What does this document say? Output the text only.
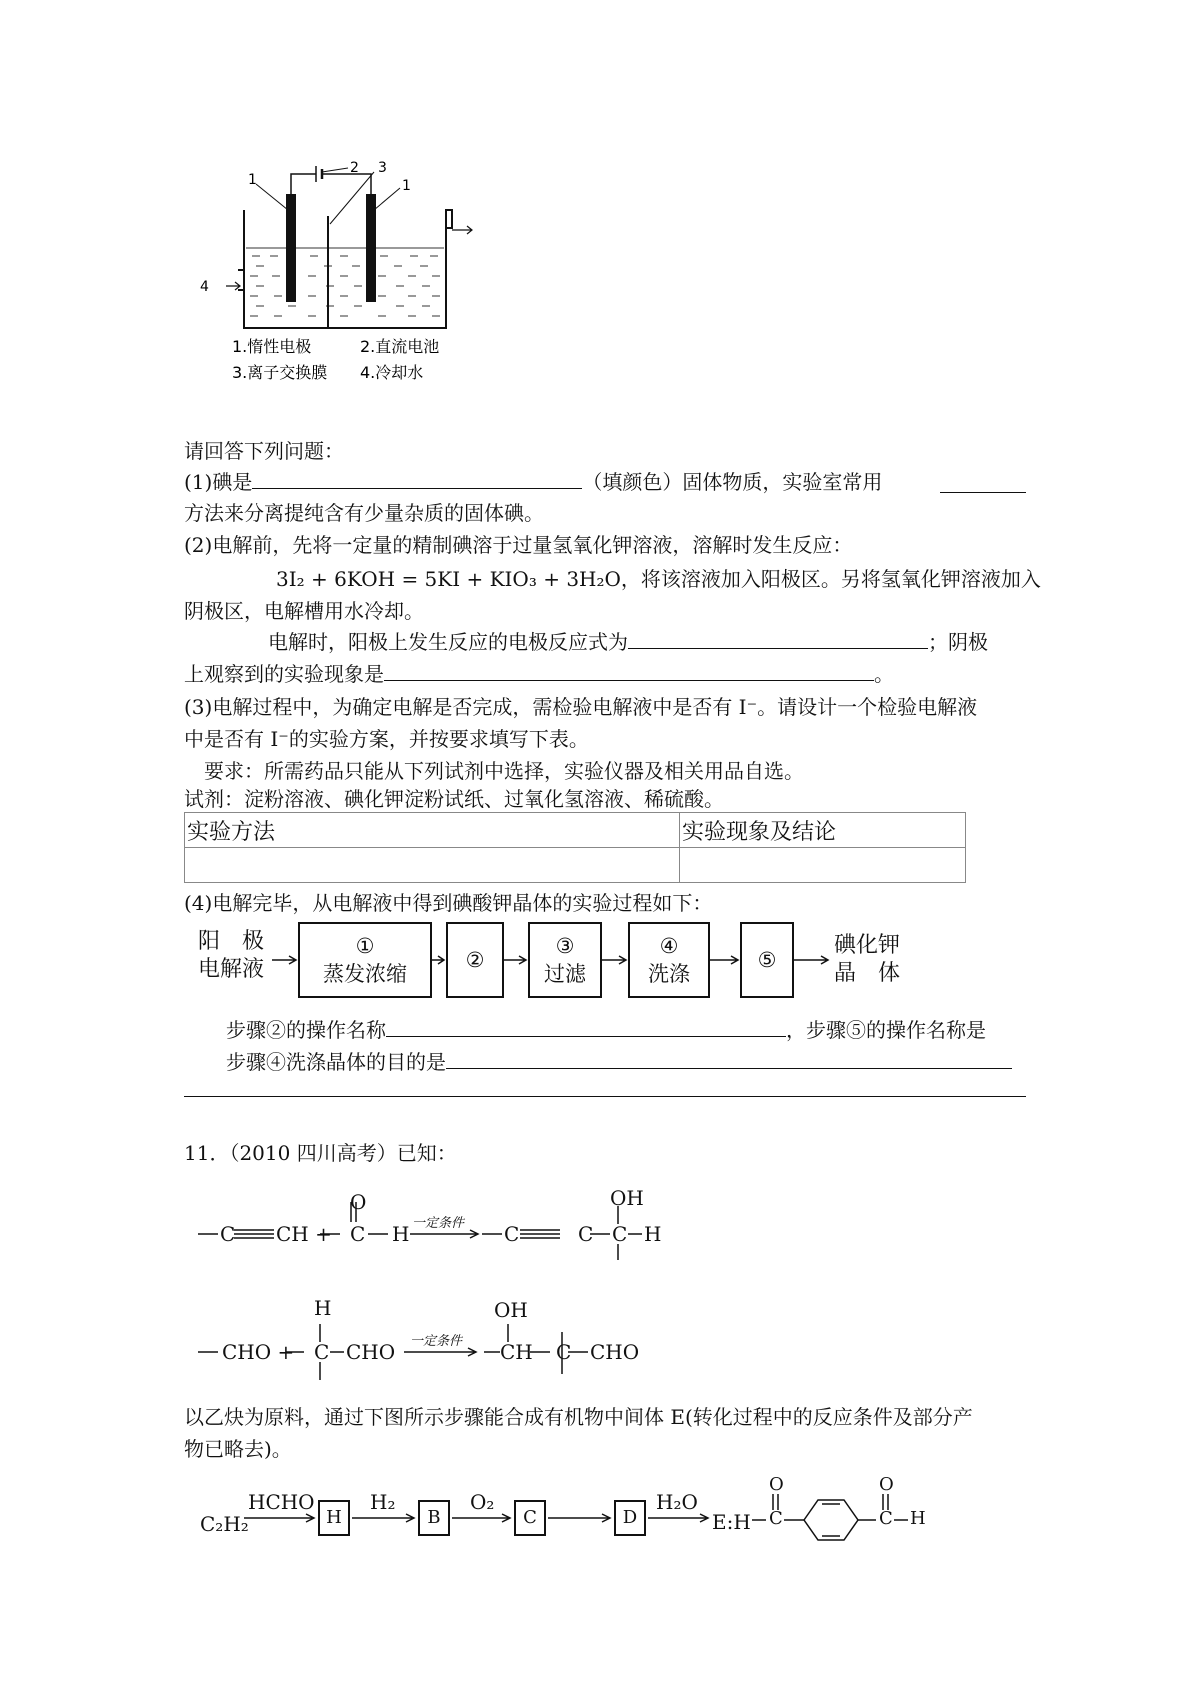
1
2 3
1
4
1.惰性电极	2.直流电池
3.离子交换膜 4.冷却水
请回答下列问题：
(1)碘是	（填颜色）固体物质，实验室常用
方法来分离提纯含有少量杂质的固体碘。
(2)电解前，先将一定量的精制碘溶于过量氢氧化钾溶液，溶解时发生反应：
3I₂ + 6KOH = 5KI + KIO₃ + 3H₂O，将该溶液加入阳极区。另将氢氧化钾溶液加入
阴极区，电解槽用水冷却。
电解时，阳极上发生反应的电极反应式为	；阴极
上观察到的实验现象是	。
(3)电解过程中，为确定电解是否完成，需检验电解液中是否有 I⁻。请设计一个检验电解液
中是否有 I⁻的实验方案，并按要求填写下表。
要求：所需药品只能从下列试剂中选择，实验仪器及相关用品自选。
试剂：淀粉溶液、碘化钾淀粉试纸、过氧化氢溶液、稀硫酸。
实验方法	实验现象及结论

(4)电解完毕，从电解液中得到碘酸钾晶体的实验过程如下：
阳　极
电解液
①
蒸发浓缩
②
③
过滤
④
洗涤
⑤
碘化钾
晶　体
步骤②的操作名称	，步骤⑤的操作名称是
步骤④洗涤晶体的目的是
11．（2010 四川高考）已知：
C CH +
O
C H 一定条件 C	C
OH
C H
CHO +
H
C CHO 一定条件
OH
CH C CHO
以乙炔为原料，通过下图所示步骤能合成有机物中间体 E(转化过程中的反应条件及部分产
物已略去)。
C₂H₂
HCHO
H
H₂
B
O₂
C	D
H₂O
E:H
O
C
O
C H
